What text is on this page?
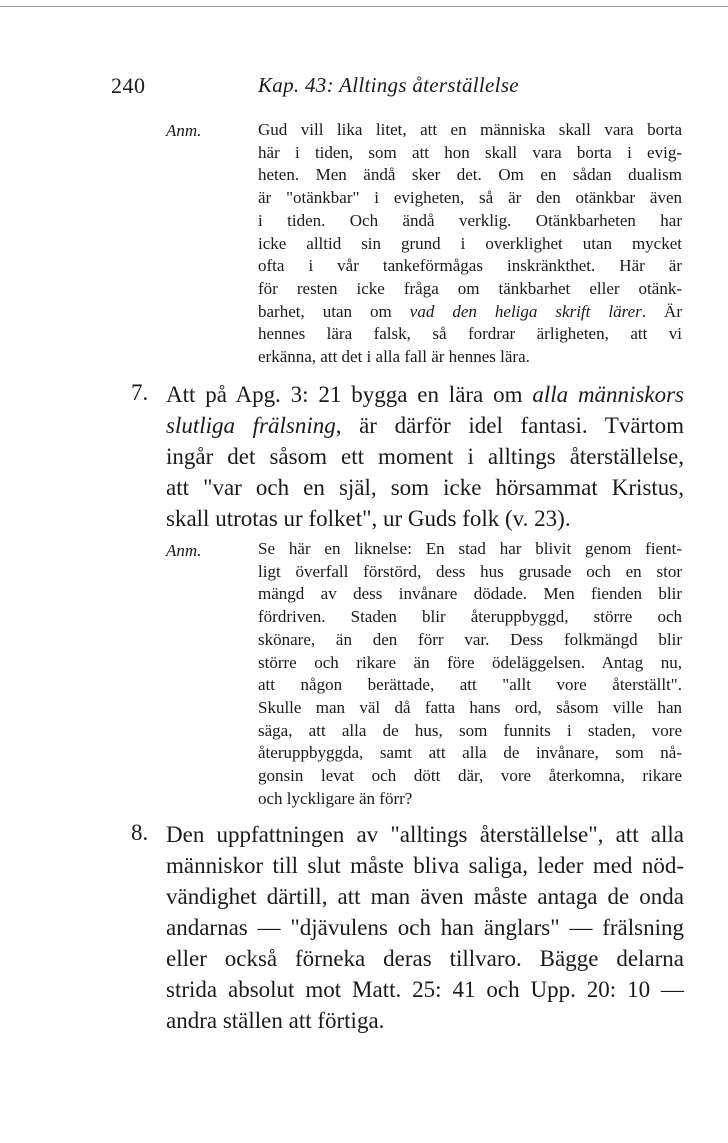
240	Kap. 43: Alltings återställelse
Anm.	Gud vill lika litet, att en människa skall vara borta
här i tiden, som att hon skall vara borta i evig-
heten. Men ändå sker det. Om en sådan dualism
är "otänkbar" i evigheten, så är den otänkbar även
i tiden. Och ändå verklig. Otänkbarheten har
icke alltid sin grund i overklighet utan mycket
ofta i vår tankeförmågas inskränkthet. Här är
för resten icke fråga om tänkbarhet eller otänk-
barhet, utan om vad den heliga skrift lärer. Är
hennes lära falsk, så fordrar ärligheten, att vi
erkänna, att det i alla fall är hennes lära.
7. Att på Apg. 3: 21 bygga en lära om alla människors
slutliga frälsning, är därför idel fantasi. Tvärtom
ingår det såsom ett moment i alltings återställelse,
att "var och en själ, som icke hörsammat Kristus,
skall utrotas ur folket", ur Guds folk (v. 23).
Anm.	Se här en liknelse: En stad har blivit genom fient-
ligt överfall förstörd, dess hus grusade och en stor
mängd av dess invånare dödade. Men fienden blir
fördriven. Staden blir återuppbyggd, större och
skönare, än den förr var. Dess folkmängd blir
större och rikare än före ödeläggelsen. Antag nu,
att någon berättade, att "allt vore återställt".
Skulle man väl då fatta hans ord, såsom ville han
säga, att alla de hus, som funnits i staden, vore
återuppbyggda, samt att alla de invånare, som nå-
gonsin levat och dött där, vore återkomna, rikare
och lyckligare än förr?
8. Den uppfattningen av "alltings återställelse", att alla
människor till slut måste bliva saliga, leder med nöd-
vändighet därtill, att man även måste antaga de onda
andarnas — "djävulens och han änglars" — frälsning
eller också förneka deras tillvaro. Bägge delarna
strida absolut mot Matt. 25: 41 och Upp. 20: 10 —
andra ställen att förtiga.
